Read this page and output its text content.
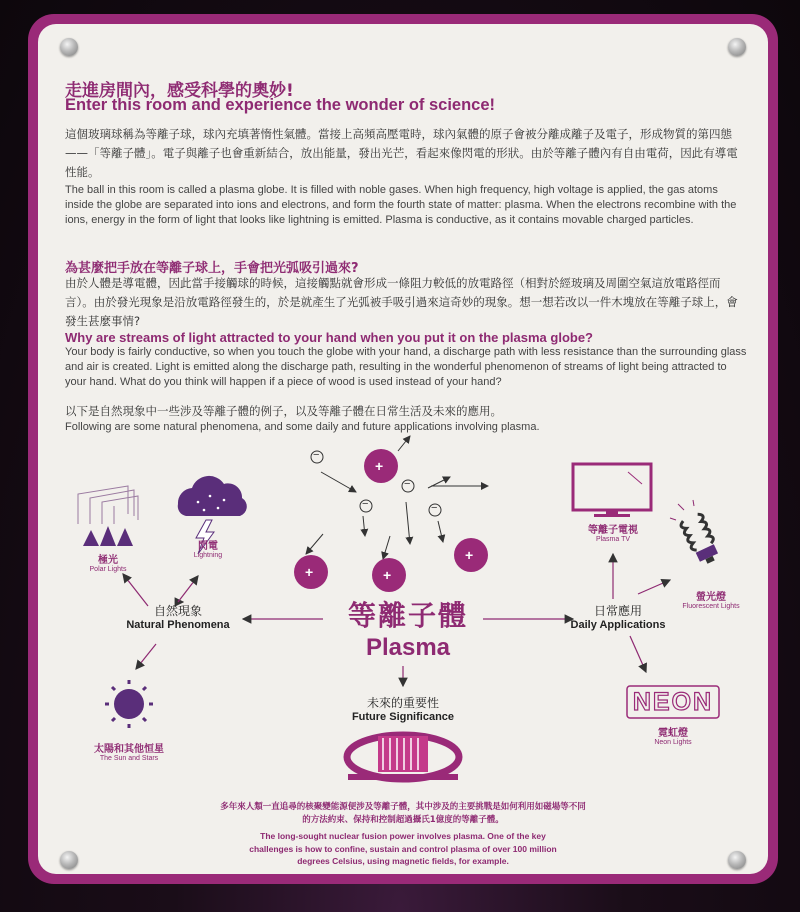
走進房間內，感受科學的奧妙!

Enter this room and experience the wonder of science!

這個玻璃球稱為等離子球，球內充填著惰性氣體。當接上高頻高壓電時，球內氣體的原子會被分離成離子及電子，形成物質的第四態——「等離子體」。電子與離子也會重新結合，放出能量，發出光芒，看起來像閃電的形狀。由於等離子體內有自由電荷，因此有導電性能。

The ball in this room is called a plasma globe. It is filled with noble gases. When high frequency, high voltage is applied, the gas atoms inside the globe are separated into ions and electrons, and form the fourth state of matter: plasma. When the electrons recombine with the ions, energy in the form of light that looks like lightning is emitted. Plasma is conductive, as it contains movable charged particles.

為甚麼把手放在等離子球上，手會把光弧吸引過來?

由於人體是導電體，因此當手接觸球的時候，這接觸點就會形成一條阻力較低的放電路徑（相對於經玻璃及周圍空氣這放電路徑而言）。由於發光現象是沿放電路徑發生的，於是就產生了光弧被手吸引過來這奇妙的現象。想一想若改以一件木塊放在等離子球上，會發生甚麼事情?

Why are streams of light attracted to your hand when you put it on the plasma globe?

Your body is fairly conductive, so when you touch the globe with your hand, a discharge path with less resistance than the surrounding glass and air is created. Light is emitted along the discharge path, resulting in the wonderful phenomenon of streams of light being attracted to your hand. What do you think will happen if a piece of wood is used instead of your hand?

以下是自然現象中一些涉及等離子體的例子，以及等離子體在日常生活及未來的應用。

Following are some natural phenomena, and some daily and future applications involving plasma.

+
+	+
+
−
−
−	−
極光
Polar Lights
閃電
Lightning
自然現象
Natural Phenomena
太陽和其他恒星
The Sun and Stars

等離子體

Plasma

等離子電視
Plasma TV
螢光燈
Fluorescent Lights
日常應用
Daily Applications
NEON
霓虹燈
Neon Lights
未來的重要性
Future Significance

多年來人類一直追尋的核聚變能源便涉及等離子體，其中涉及的主要挑戰是如何利用如磁場等不同的方法約束、保持和控制超過攝氏1億度的等離子體。

The long-sought nuclear fusion power involves plasma. One of the key challenges is how to confine, sustain and control plasma of over 100 million degrees Celsius, using magnetic fields, for example.
